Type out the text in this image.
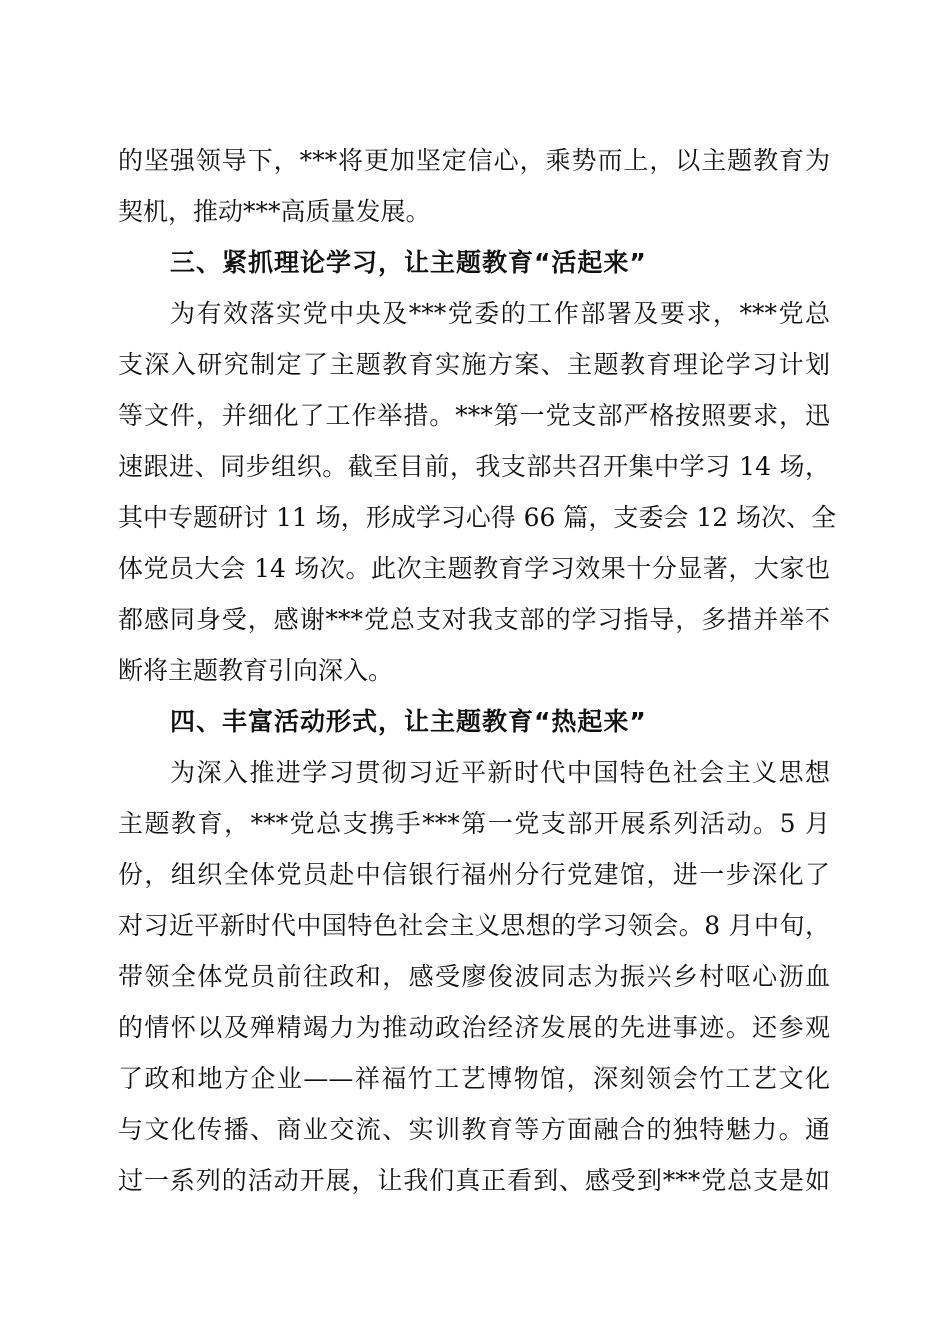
的坚强领导下，***将更加坚定信心，乘势而上，以主题教育为
契机，推动***高质量发展。
三、紧抓理论学习，让主题教育“活起来”
为有效落实党中央及***党委的工作部署及要求，***党总
支深入研究制定了主题教育实施方案、主题教育理论学习计划
等文件，并细化了工作举措。***第一党支部严格按照要求，迅
速跟进、同步组织。截至目前，我支部共召开集中学习 14 场，
其中专题研讨 11 场，形成学习心得 66 篇，支委会 12 场次、全
体党员大会 14 场次。此次主题教育学习效果十分显著，大家也
都感同身受，感谢***党总支对我支部的学习指导，多措并举不
断将主题教育引向深入。
四、丰富活动形式，让主题教育“热起来”
为深入推进学习贯彻习近平新时代中国特色社会主义思想
主题教育，***党总支携手***第一党支部开展系列活动。5 月
份，组织全体党员赴中信银行福州分行党建馆，进一步深化了
对习近平新时代中国特色社会主义思想的学习领会。8 月中旬，
带领全体党员前往政和，感受廖俊波同志为振兴乡村呕心沥血
的情怀以及殚精竭力为推动政治经济发展的先进事迹。还参观
了政和地方企业——祥福竹工艺博物馆，深刻领会竹工艺文化
与文化传播、商业交流、实训教育等方面融合的独特魅力。通
过一系列的活动开展，让我们真正看到、感受到***党总支是如
